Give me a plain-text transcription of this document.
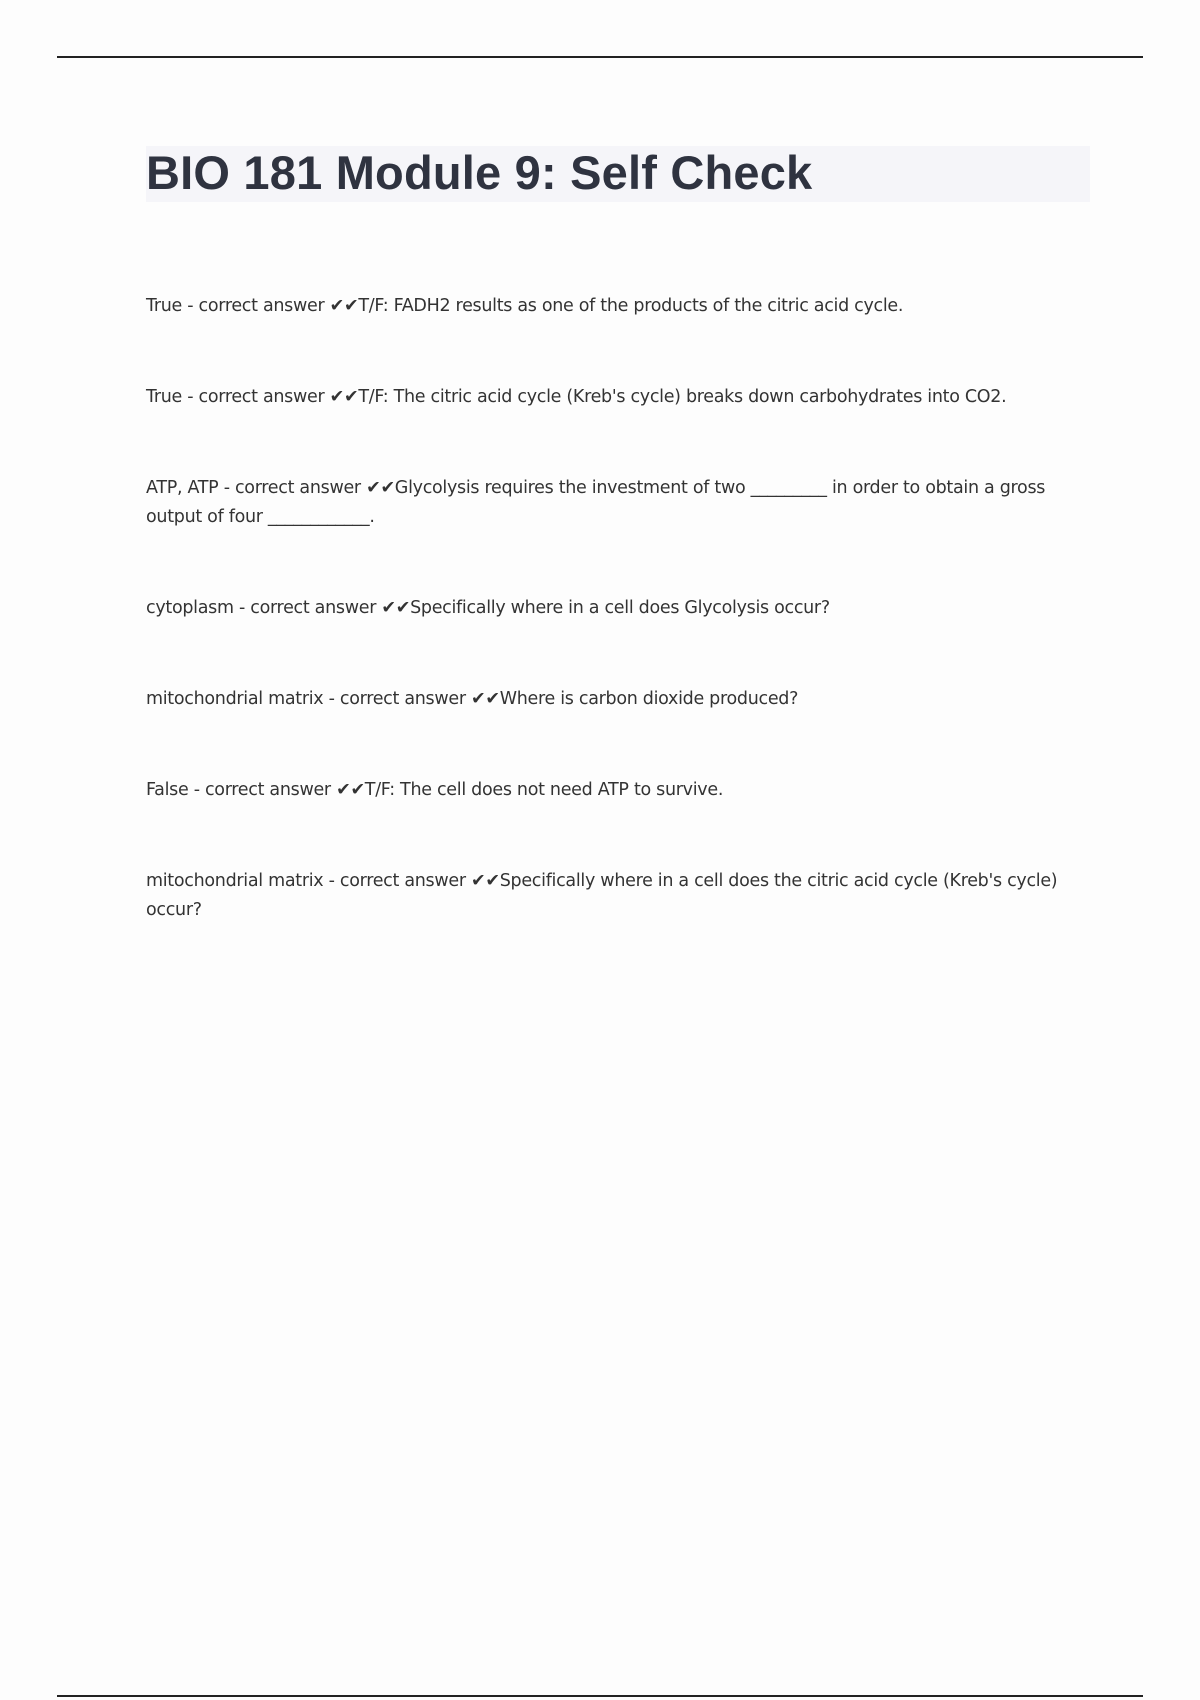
BIO 181 Module 9: Self Check

True - correct answer ✔✔T/F: FADH2 results as one of the products of the citric acid cycle.

True - correct answer ✔✔T/F: The citric acid cycle (Kreb's cycle) breaks down carbohydrates into CO2.

ATP, ATP - correct answer ✔✔Glycolysis requires the investment of two _________ in order to obtain a gross output of four ____________.

cytoplasm - correct answer ✔✔Specifically where in a cell does Glycolysis occur?

mitochondrial matrix - correct answer ✔✔Where is carbon dioxide produced?

False - correct answer ✔✔T/F: The cell does not need ATP to survive.

mitochondrial matrix - correct answer ✔✔Specifically where in a cell does the citric acid cycle (Kreb's cycle) occur?
